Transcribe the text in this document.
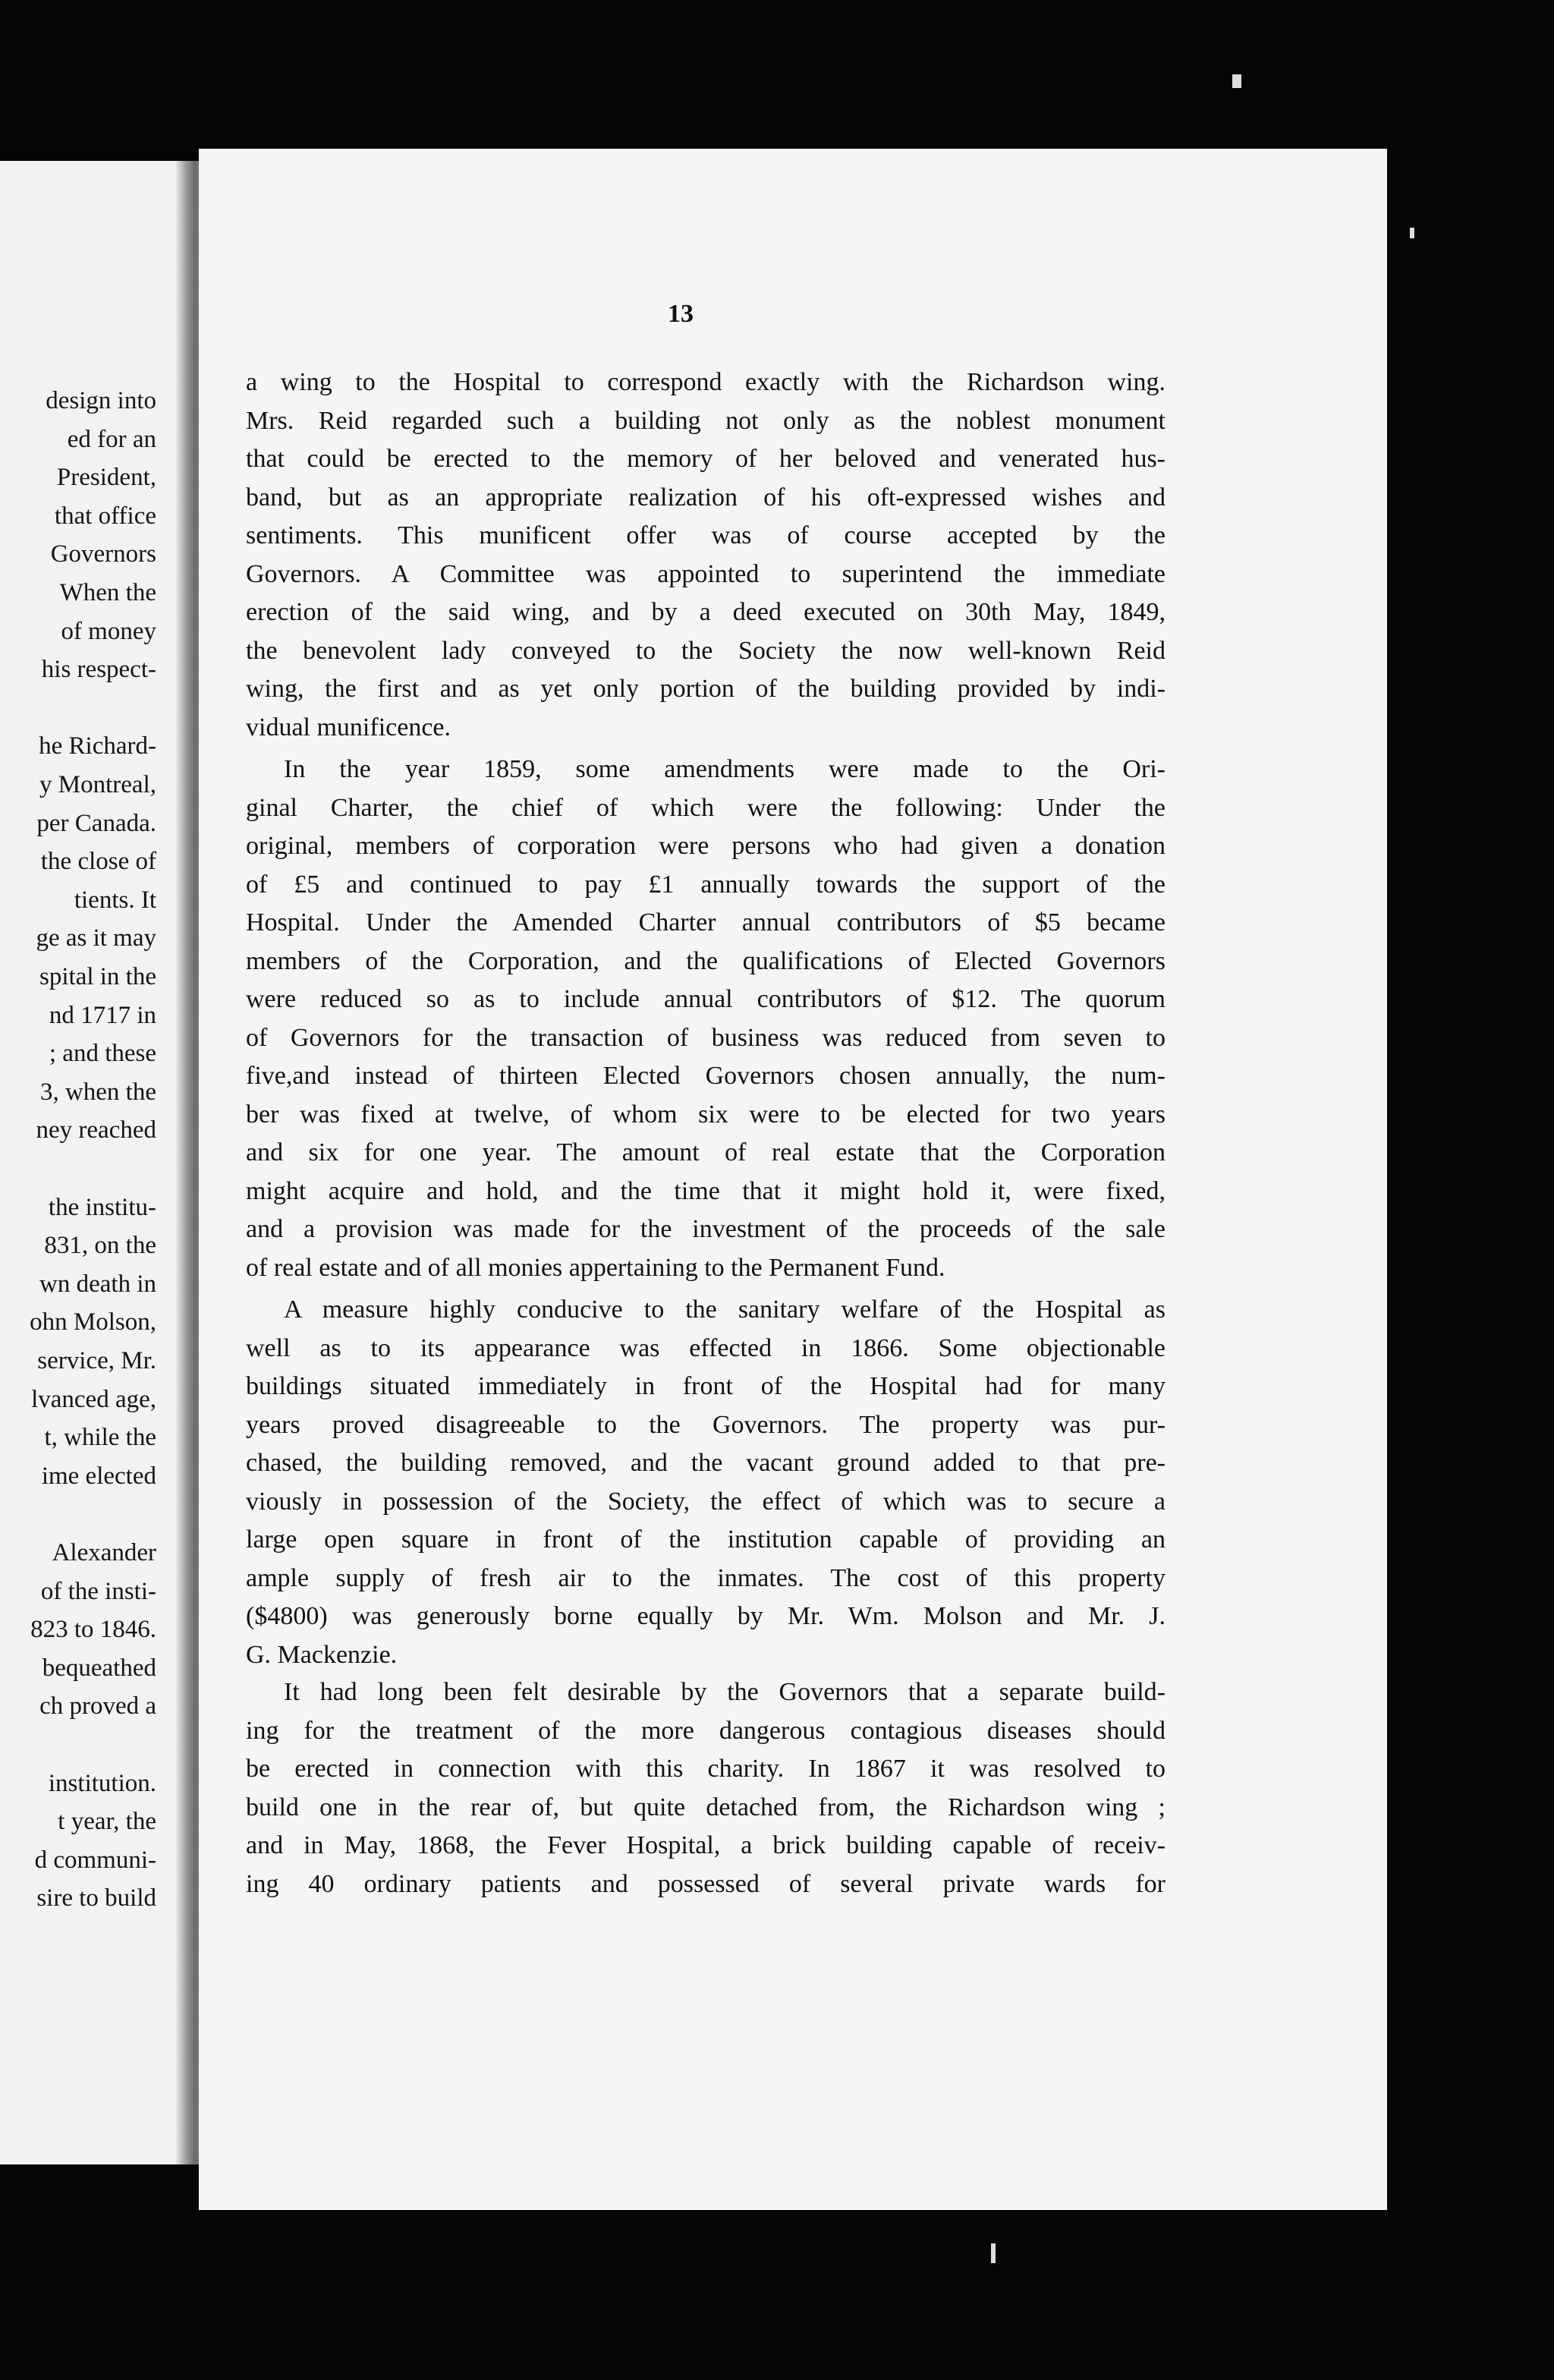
design into
ed for an
President,
that office
Governors
When the
of money
his respect-
he Richard-
y Montreal,
per Canada.
the close of
tients. It
ge as it may
spital in the
nd 1717 in
; and these
3, when the
ney reached
the institu-
831, on the
wn death in
ohn Molson,
service, Mr.
lvanced age,
t, while the
ime elected
Alexander
of the insti-
823 to 1846.
bequeathed
ch proved a
institution.
t year, the
d communi-
sire to build
13
a wing to the Hospital to correspond exactly with the Richardson wing.
Mrs. Reid regarded such a building not only as the noblest monument
that could be erected to the memory of her beloved and venerated hus-
band, but as an appropriate realization of his oft-expressed wishes and
sentiments. This munificent offer was of course accepted by the
Governors. A Committee was appointed to superintend the immediate
erection of the said wing, and by a deed executed on 30th May, 1849,
the benevolent lady conveyed to the Society the now well-known Reid
wing, the first and as yet only portion of the building provided by indi-
vidual munificence.
In the year 1859, some amendments were made to the Ori-
ginal Charter, the chief of which were the following: Under the
original, members of corporation were persons who had given a donation
of £5 and continued to pay £1 annually towards the support of the
Hospital. Under the Amended Charter annual contributors of $5 became
members of the Corporation, and the qualifications of Elected Governors
were reduced so as to include annual contributors of $12. The quorum
of Governors for the transaction of business was reduced from seven to
five,and instead of thirteen Elected Governors chosen annually, the num-
ber was fixed at twelve, of whom six were to be elected for two years
and six for one year. The amount of real estate that the Corporation
might acquire and hold, and the time that it might hold it, were fixed,
and a provision was made for the investment of the proceeds of the sale
of real estate and of all monies appertaining to the Permanent Fund.
A measure highly conducive to the sanitary welfare of the Hospital as
well as to its appearance was effected in 1866. Some objectionable
buildings situated immediately in front of the Hospital had for many
years proved disagreeable to the Governors. The property was pur-
chased, the building removed, and the vacant ground added to that pre-
viously in possession of the Society, the effect of which was to secure a
large open square in front of the institution capable of providing an
ample supply of fresh air to the inmates. The cost of this property
($4800) was generously borne equally by Mr. Wm. Molson and Mr. J.
G. Mackenzie.
It had long been felt desirable by the Governors that a separate build-
ing for the treatment of the more dangerous contagious diseases should
be erected in connection with this charity. In 1867 it was resolved to
build one in the rear of, but quite detached from, the Richardson wing ;
and in May, 1868, the Fever Hospital, a brick building capable of receiv-
ing 40 ordinary patients and possessed of several private wards for
